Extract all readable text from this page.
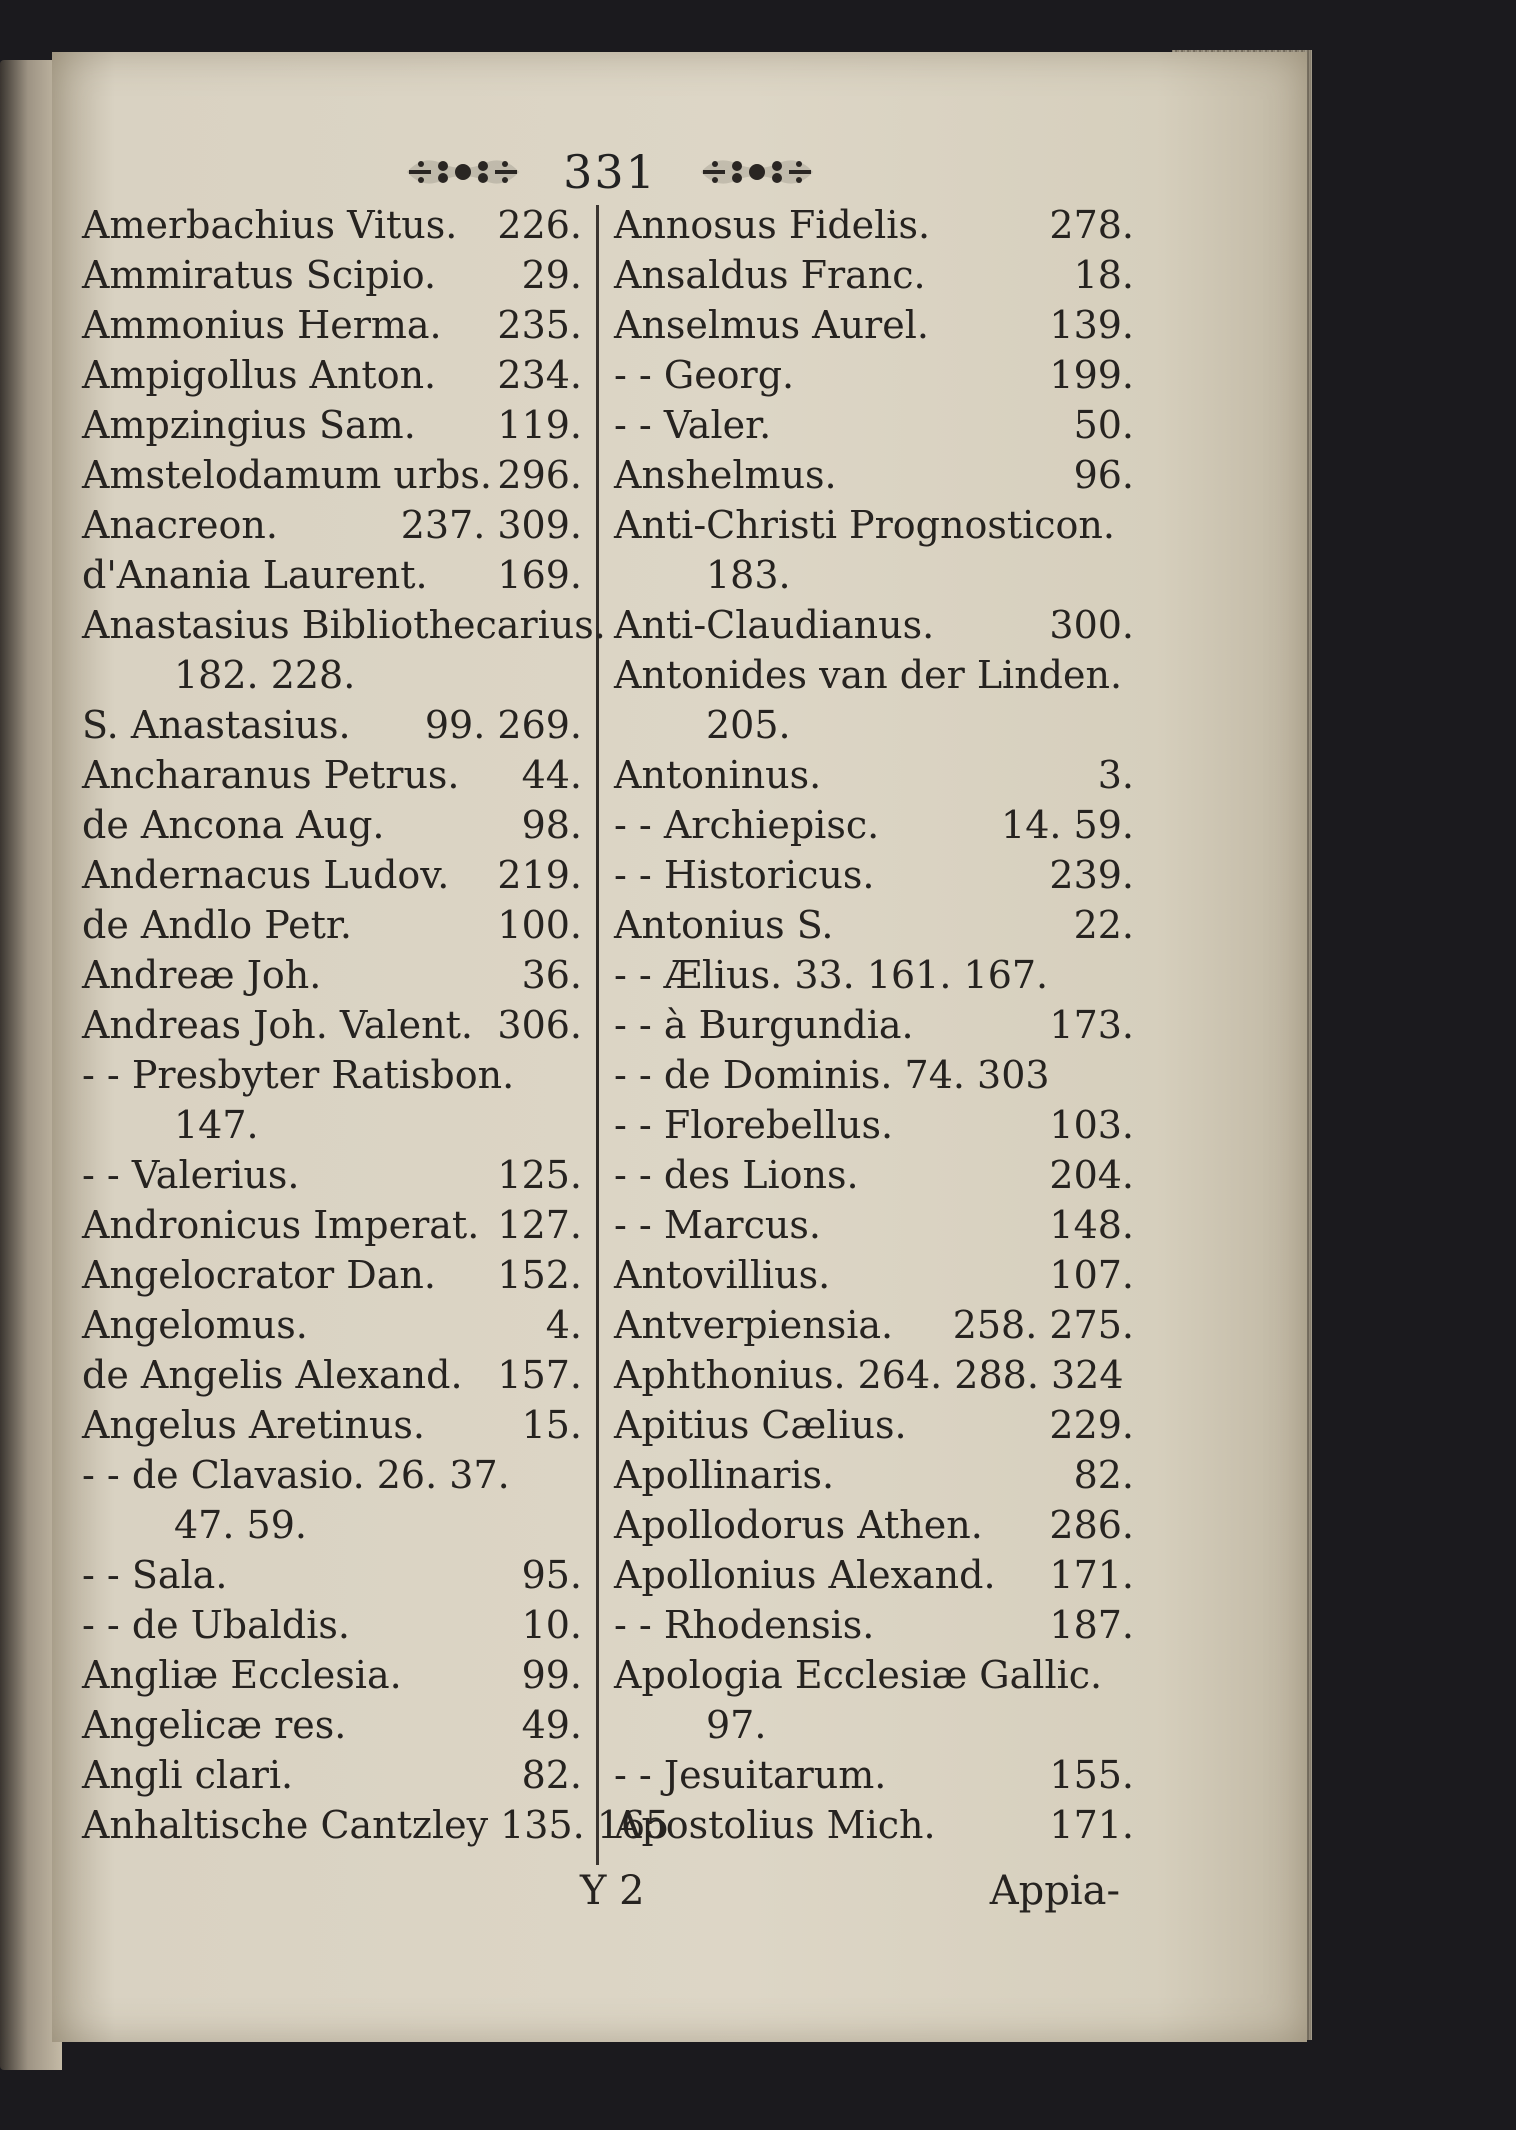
331
Amerbachius Vitus. 226.
Ammiratus Scipio. 29.
Ammonius Herma. 235.
Ampigollus Anton. 234.
Ampzingius Sam. 119.
Amstelodamum urbs. 296.
Anacreon.	237. 309.
d'Anania Laurent. 169.
Anastasius Bibliothecarius.
182. 228.
S. Anastasius. 99. 269.
Ancharanus Petrus. 44.
de Ancona Aug.	98.
Andernacus Ludov. 219.
de Andlo Petr.	100.
Andreæ Joh.	36.
Andreas Joh. Valent. 306.
- - Presbyter Ratisbon.
147.
- - Valerius.	125.
Andronicus Imperat. 127.
Angelocrator Dan. 152.
Angelomus.	4.
de Angelis Alexand. 157.
Angelus Aretinus.	15.
- - de Clavasio. 26. 37.
47. 59.
- - Sala.	95.
- - de Ubaldis.	10.
Angliæ Ecclesia.	99.
Angelicæ res.	49.
Angli clari.	82.
Anhaltische Cantzley 135. 165
Annosus Fidelis.	278.
Ansaldus Franc.	18.
Anselmus Aurel.	139.
- - Georg.	199.
- - Valer.	50.
Anshelmus.	96.
Anti-Christi Prognosticon.
183.
Anti-Claudianus.	300.
Antonides van der Linden.
205.
Antoninus.	3.
- - Archiepisc.	14. 59.
- - Historicus.	239.
Antonius S.	22.
- - Ælius. 33. 161. 167.
- - à Burgundia.	173.
- - de Dominis. 74. 303
- - Florebellus.	103.
- - des Lions.	204.
- - Marcus.	148.
Antovillius.	107.
Antverpiensia. 258. 275.
Aphthonius. 264. 288. 324
Apitius Cælius.	229.
Apollinaris.	82.
Apollodorus Athen. 286.
Apollonius Alexand. 171.
- - Rhodensis.	187.
Apologia Ecclesiæ Gallic.
97.
- - Jesuitarum.	155.
Apostolius Mich.	171.
Y 2	Appia-
